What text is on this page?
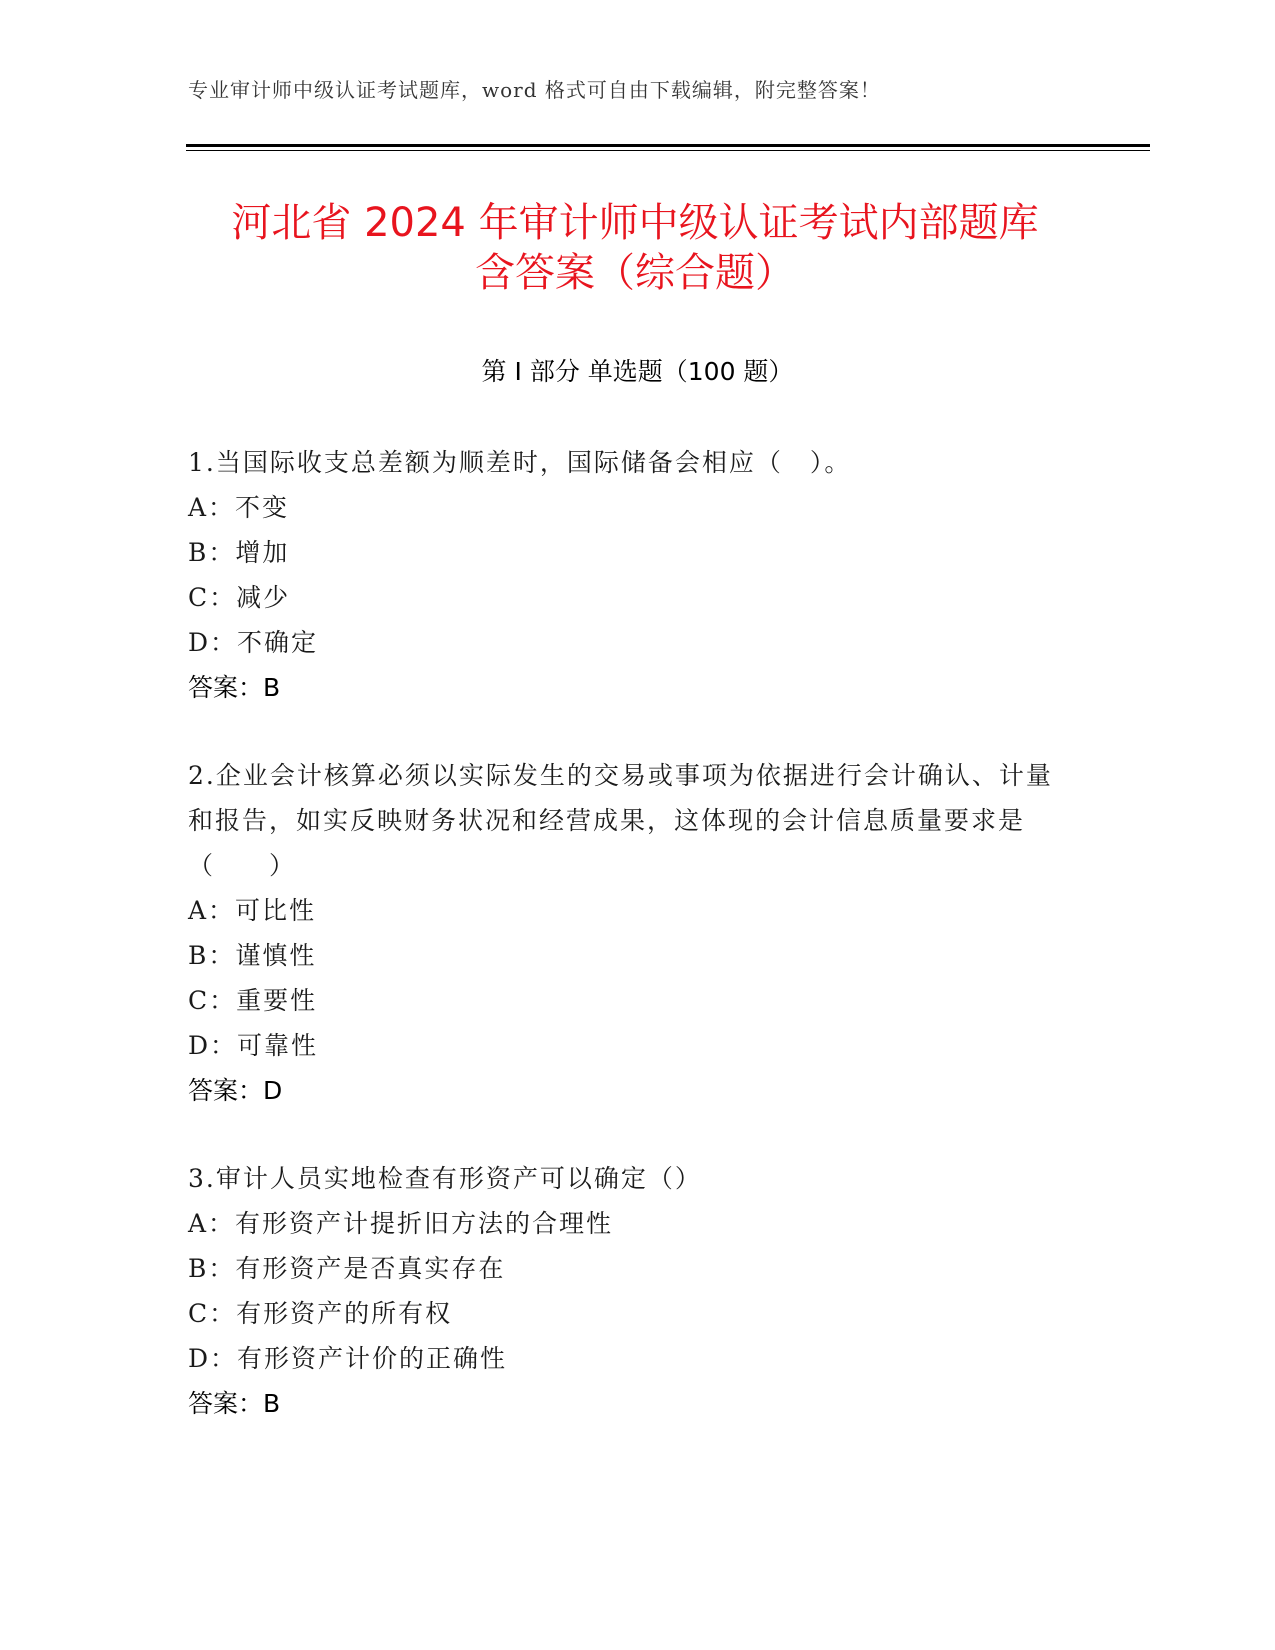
专业审计师中级认证考试题库，word 格式可自由下载编辑，附完整答案！
河北省 2024 年审计师中级认证考试内部题库
含答案（综合题）
第 I 部分 单选题（100 题）
1.当国际收支总差额为顺差时，国际储备会相应（　）。
A：不变
B：增加
C：减少
D：不确定
答案：B
2.企业会计核算必须以实际发生的交易或事项为依据进行会计确认、计量和报告，如实反映财务状况和经营成果，这体现的会计信息质量要求是（　　）
A：可比性
B：谨慎性
C：重要性
D：可靠性
答案：D
3.审计人员实地检查有形资产可以确定（）
A：有形资产计提折旧方法的合理性
B：有形资产是否真实存在
C：有形资产的所有权
D：有形资产计价的正确性
答案：B
